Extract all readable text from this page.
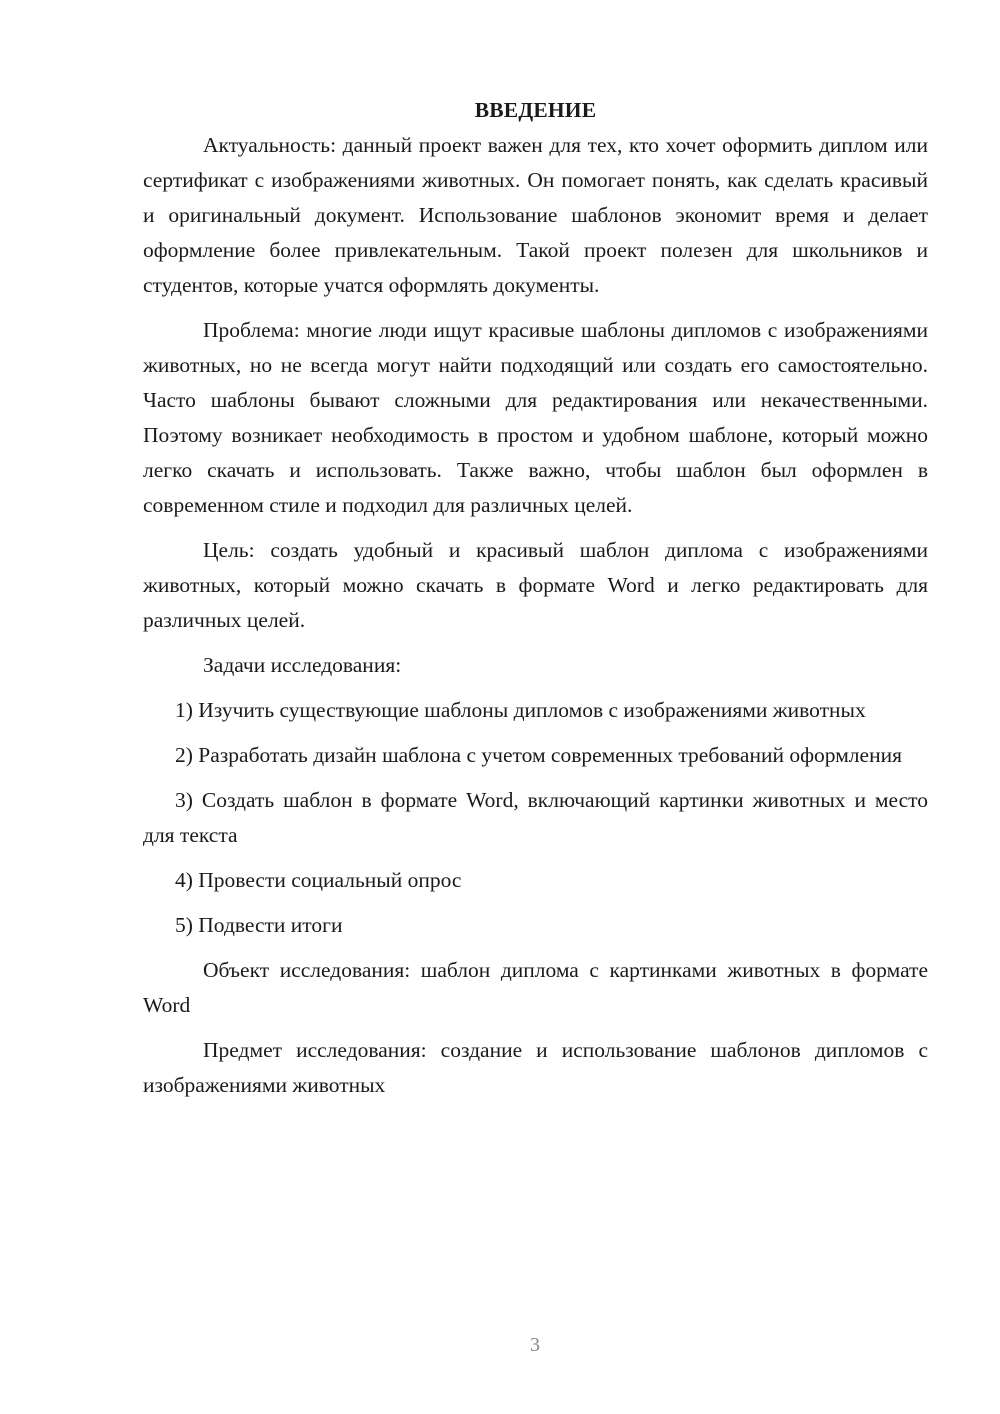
ВВЕДЕНИЕ

Актуальность: данный проект важен для тех, кто хочет оформить диплом или сертификат с изображениями животных. Он помогает понять, как сделать красивый и оригинальный документ. Использование шаблонов экономит время и делает оформление более привлекательным. Такой проект полезен для школьников и студентов, которые учатся оформлять документы.

Проблема: многие люди ищут красивые шаблоны дипломов с изображениями животных, но не всегда могут найти подходящий или создать его самостоятельно. Часто шаблоны бывают сложными для редактирования или некачественными. Поэтому возникает необходимость в простом и удобном шаблоне, который можно легко скачать и использовать. Также важно, чтобы шаблон был оформлен в современном стиле и подходил для различных целей.

Цель: создать удобный и красивый шаблон диплома с изображениями животных, который можно скачать в формате Word и легко редактировать для различных целей.

Задачи исследования:

1) Изучить существующие шаблоны дипломов с изображениями животных

2) Разработать дизайн шаблона с учетом современных требований оформления

3) Создать шаблон в формате Word, включающий картинки животных и место для текста

4) Провести социальный опрос

5) Подвести итоги

Объект исследования: шаблон диплома с картинками животных в формате Word

Предмет исследования: создание и использование шаблонов дипломов с изображениями животных

3
